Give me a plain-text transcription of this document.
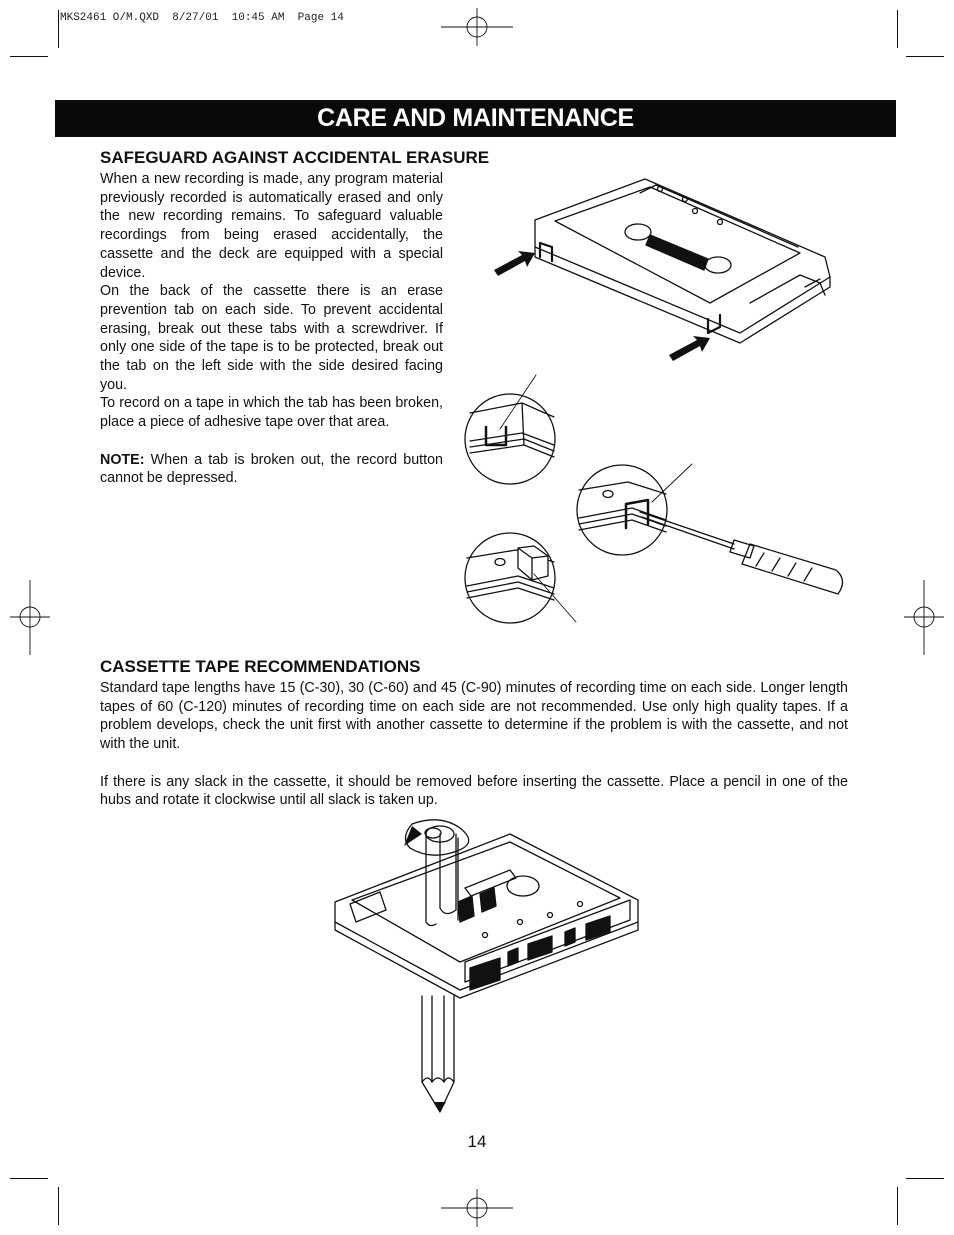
MKS2461 O/M.QXD  8/27/01  10:45 AM  Page 14
CARE AND MAINTENANCE
SAFEGUARD AGAINST ACCIDENTAL ERASURE

When a new recording is made, any program material previously recorded is automatically erased and only the new recording remains. To safeguard valuable recordings from being erased accidentally, the cassette and the deck are equipped with a special device.

On the back of the cassette there is an erase prevention tab on each side. To prevent accidental erasing, break out these tabs with a screwdriver. If only one side of the tape is to be protected, break out the tab on the left side with the side desired facing you.

To record on a tape in which the tab has been broken, place a piece of adhesive tape over that area.

NOTE: When a tab is broken out, the record button cannot be depressed.

CASSETTE TAPE RECOMMENDATIONS

Standard tape lengths have 15 (C-30), 30 (C-60) and 45 (C-90) minutes of recording time on each side. Longer length tapes of 60 (C-120) minutes of recording time on each side are not recommended. Use only high quality tapes. If a problem develops, check the unit first with another cassette to determine if the problem is with the cassette, and not with the unit.

If there is any slack in the cassette, it should be removed before inserting the cassette. Place a pencil in one of the hubs and rotate it clockwise until all slack is taken up.

14
